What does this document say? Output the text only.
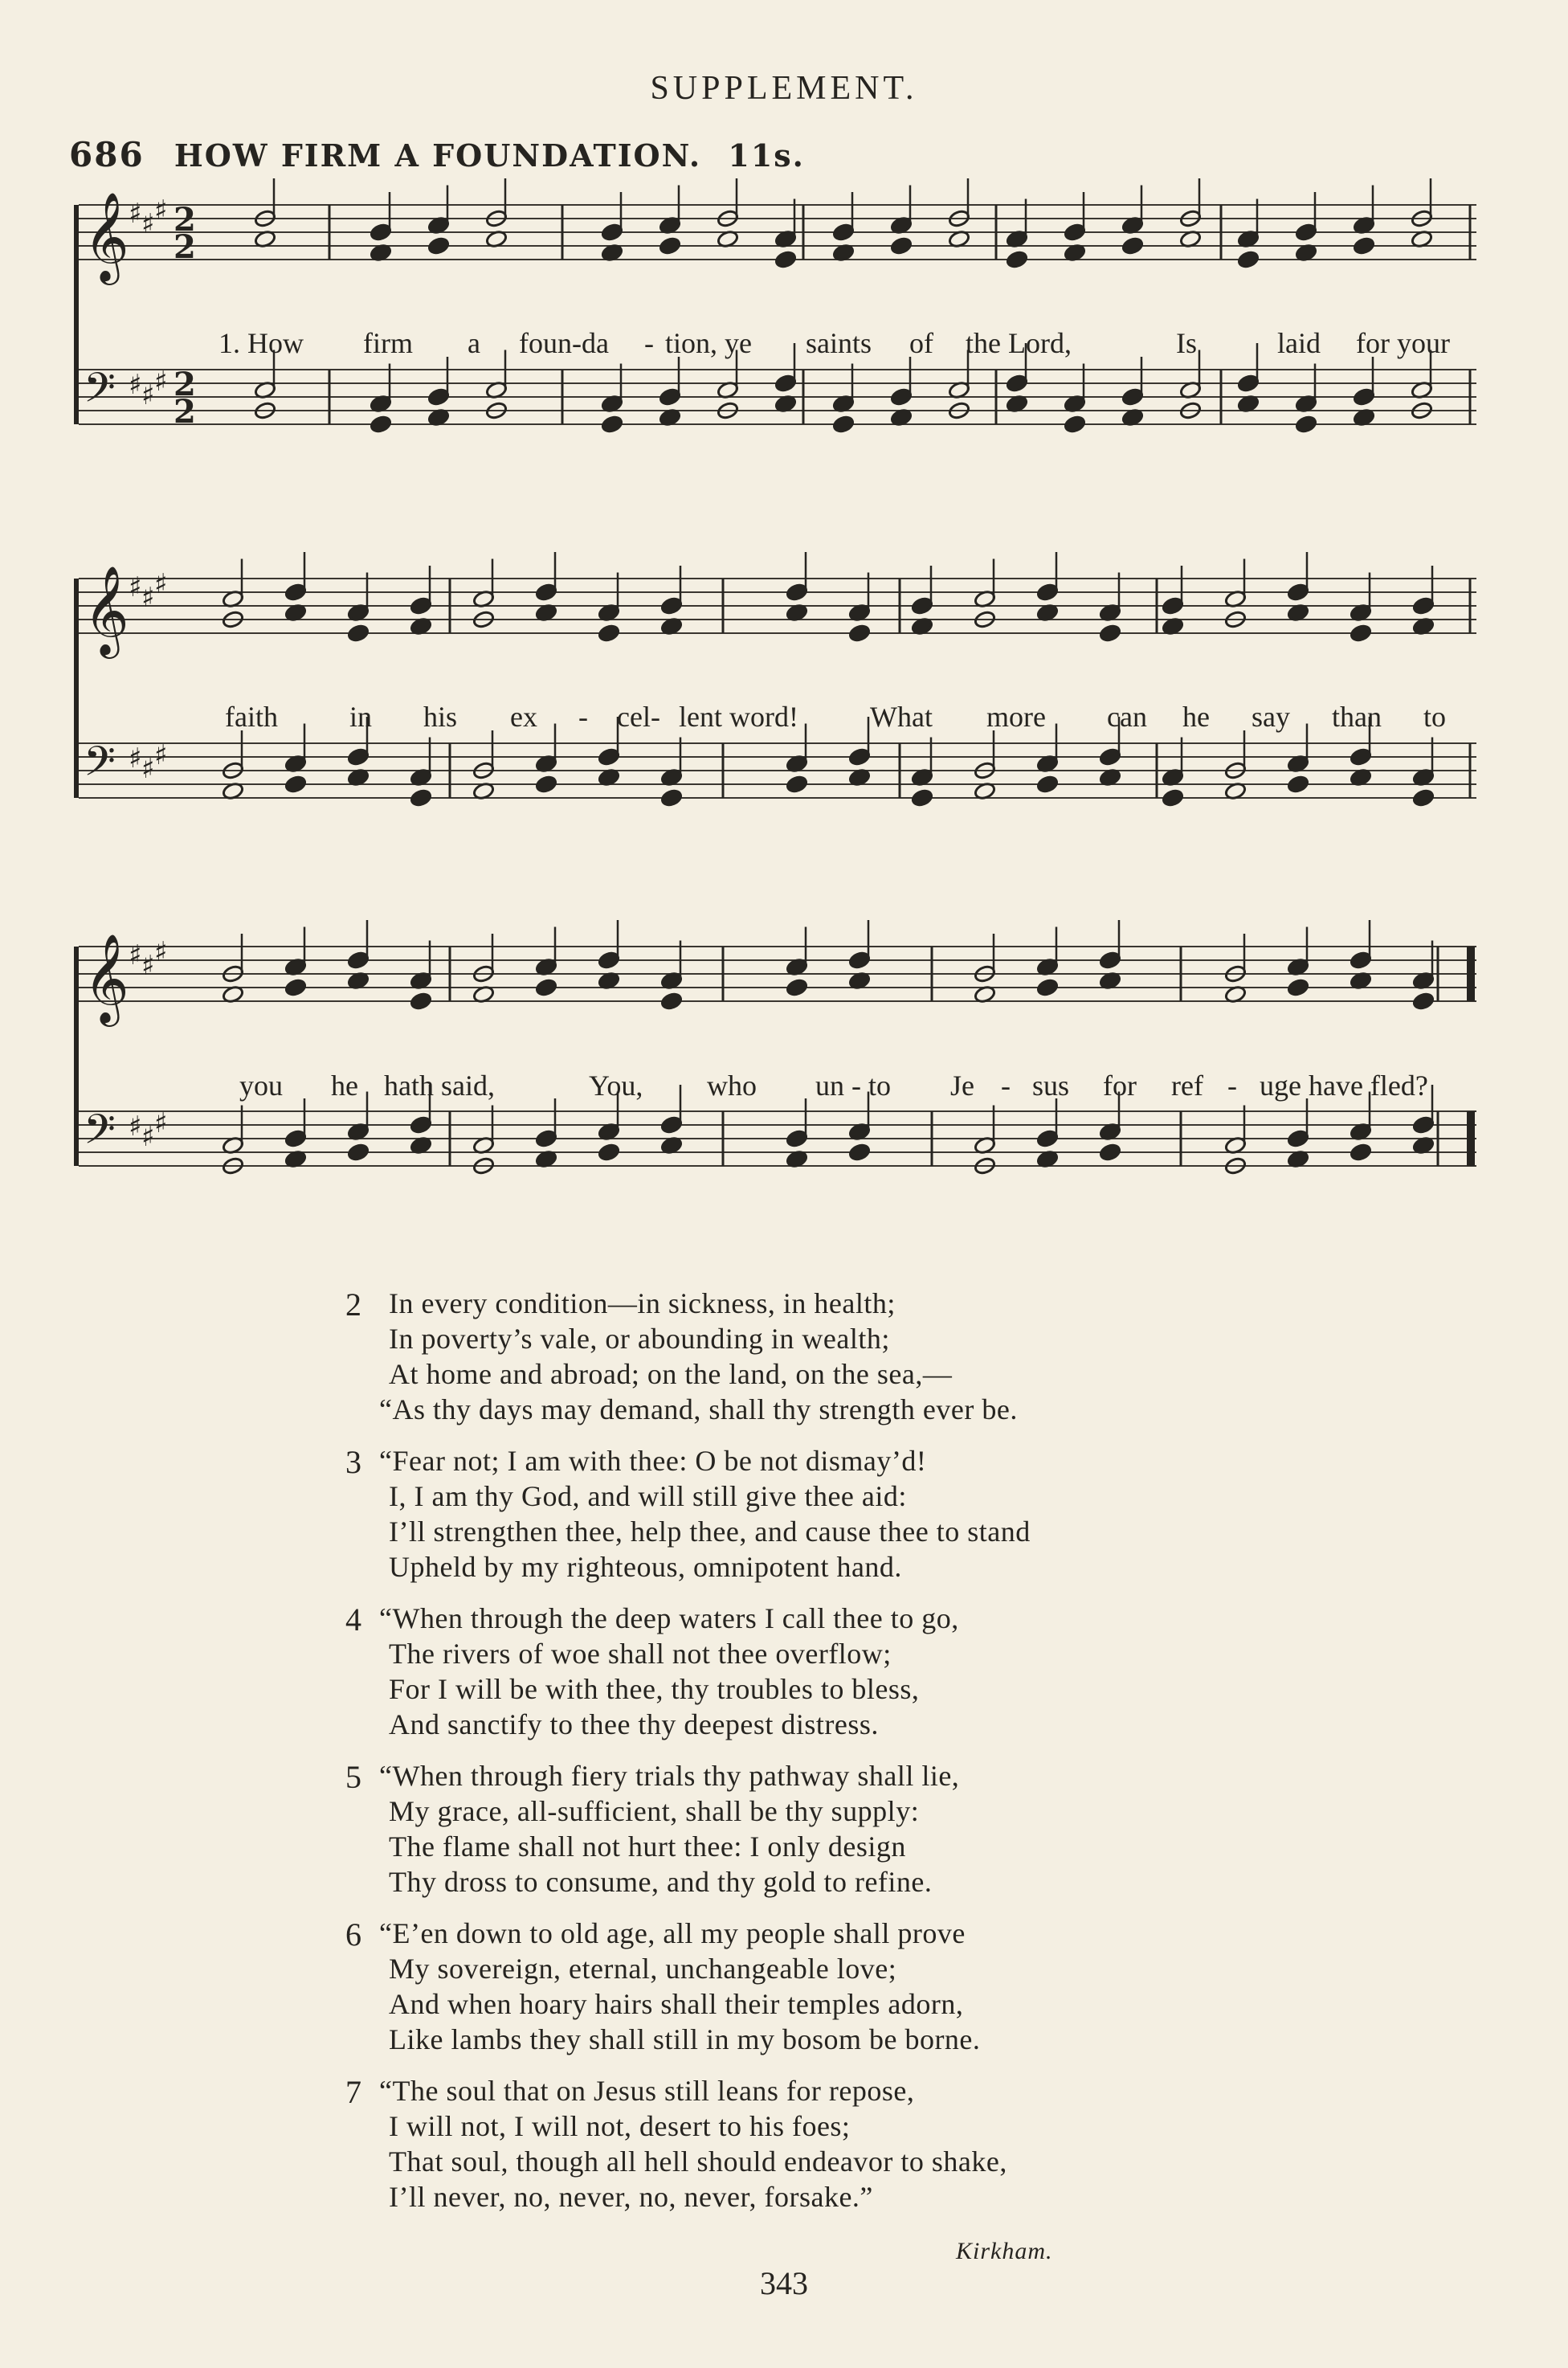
SUPPLEMENT.
686 HOW FIRM A FOUNDATION. 11s.
𝄞 ♯ ♯ ♯ 2
2
𝄢 ♯ ♯ ♯ 2
2
1. How firm a foun-da - tion, ye saints of the Lord,	Is	laid for your
𝄞 ♯ ♯ ♯
𝄢 ♯ ♯ ♯
faith in his ex - cel- lent word! What more can he say than to
𝄞 ♯ ♯ ♯
𝄢 ♯ ♯ ♯
you he hath said,	You, who un - to Je - sus for ref - uge have fled?
2 In every condition—in sickness, in health;
In poverty’s vale, or abounding in wealth;
At home and abroad; on the land, on the sea,—
“As thy days may demand, shall thy strength ever be.
3 “Fear not; I am with thee: O be not dismay’d!
I, I am thy God, and will still give thee aid:
I’ll strengthen thee, help thee, and cause thee to stand
Upheld by my righteous, omnipotent hand.
4 “When through the deep waters I call thee to go,
The rivers of woe shall not thee overflow;
For I will be with thee, thy troubles to bless,
And sanctify to thee thy deepest distress.
5 “When through fiery trials thy pathway shall lie,
My grace, all-sufficient, shall be thy supply:
The flame shall not hurt thee: I only design
Thy dross to consume, and thy gold to refine.
6 “E’en down to old age, all my people shall prove
My sovereign, eternal, unchangeable love;
And when hoary hairs shall their temples adorn,
Like lambs they shall still in my bosom be borne.
7 “The soul that on Jesus still leans for repose,
I will not, I will not, desert to his foes;
That soul, though all hell should endeavor to shake,
I’ll never, no, never, no, never, forsake.”
Kirkham.
343
